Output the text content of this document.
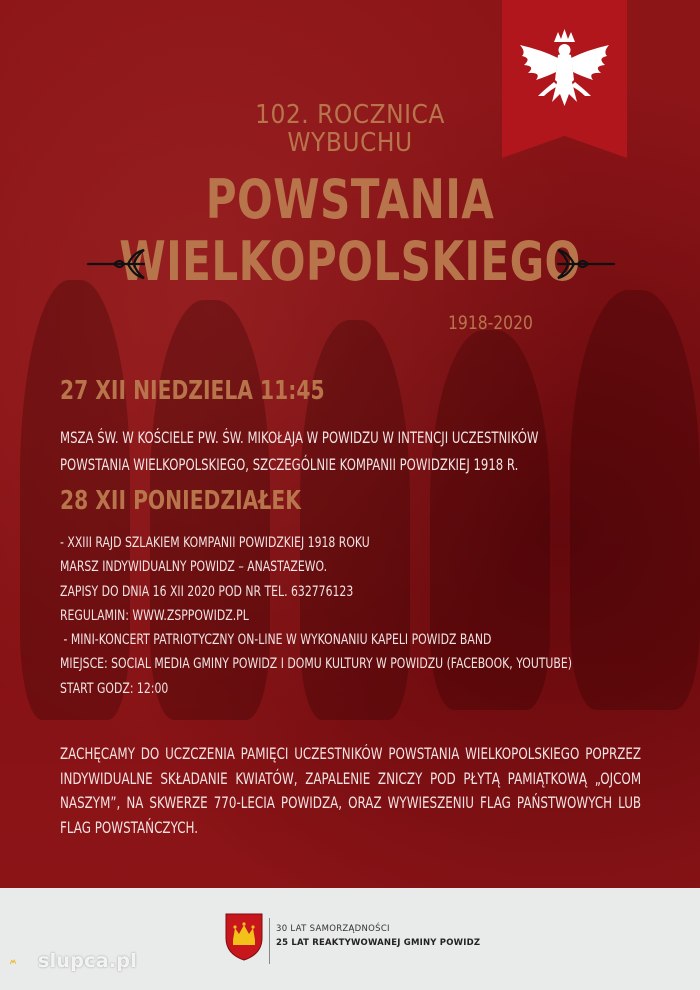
102. ROCZNICA
WYBUCHU
POWSTANIA
WIELKOPOLSKIEGO
1918-2020
27 XII NIEDZIELA 11:45
MSZA ŚW. W KOŚCIELE PW. ŚW. MIKOŁAJA W POWIDZU W INTENCJI UCZESTNIKÓW
POWSTANIA WIELKOPOLSKIEGO, SZCZEGÓLNIE KOMPANII POWIDZKIEJ 1918 R.
28 XII PONIEDZIAŁEK
- XXIII RAJD SZLAKIEM KOMPANII POWIDZKIEJ 1918 ROKU
MARSZ INDYWIDUALNY POWIDZ – ANASTAZEWO.
ZAPISY DO DNIA 16 XII 2020 POD NR TEL. 632776123
REGULAMIN: WWW.ZSPPOWIDZ.PL
- MINI-KONCERT PATRIOTYCZNY ON-LINE W WYKONANIU KAPELI POWIDZ BAND
MIEJSCE: SOCIAL MEDIA GMINY POWIDZ I DOMU KULTURY W POWIDZU (FACEBOOK, YOUTUBE)
START GODZ: 12:00
ZACHĘCAMY DO UCZCZENIA PAMIĘCI UCZESTNIKÓW POWSTANIA WIELKOPOLSKIEGO POPRZEZ INDYWIDUALNE SKŁADANIE KWIATÓW, ZAPALENIE ZNICZY POD PŁYTĄ PAMIĄTKOWĄ „OJCOM NASZYM”, NA SKWERZE 770-LECIA POWIDZA, ORAZ WYWIESZENIU FLAG PAŃSTWOWYCH LUB FLAG POWSTAŃCZYCH.
30 LAT SAMORZĄDNOŚCI
25 LAT REAKTYWOWANEJ GMINY POWIDZ
slupca.pl
